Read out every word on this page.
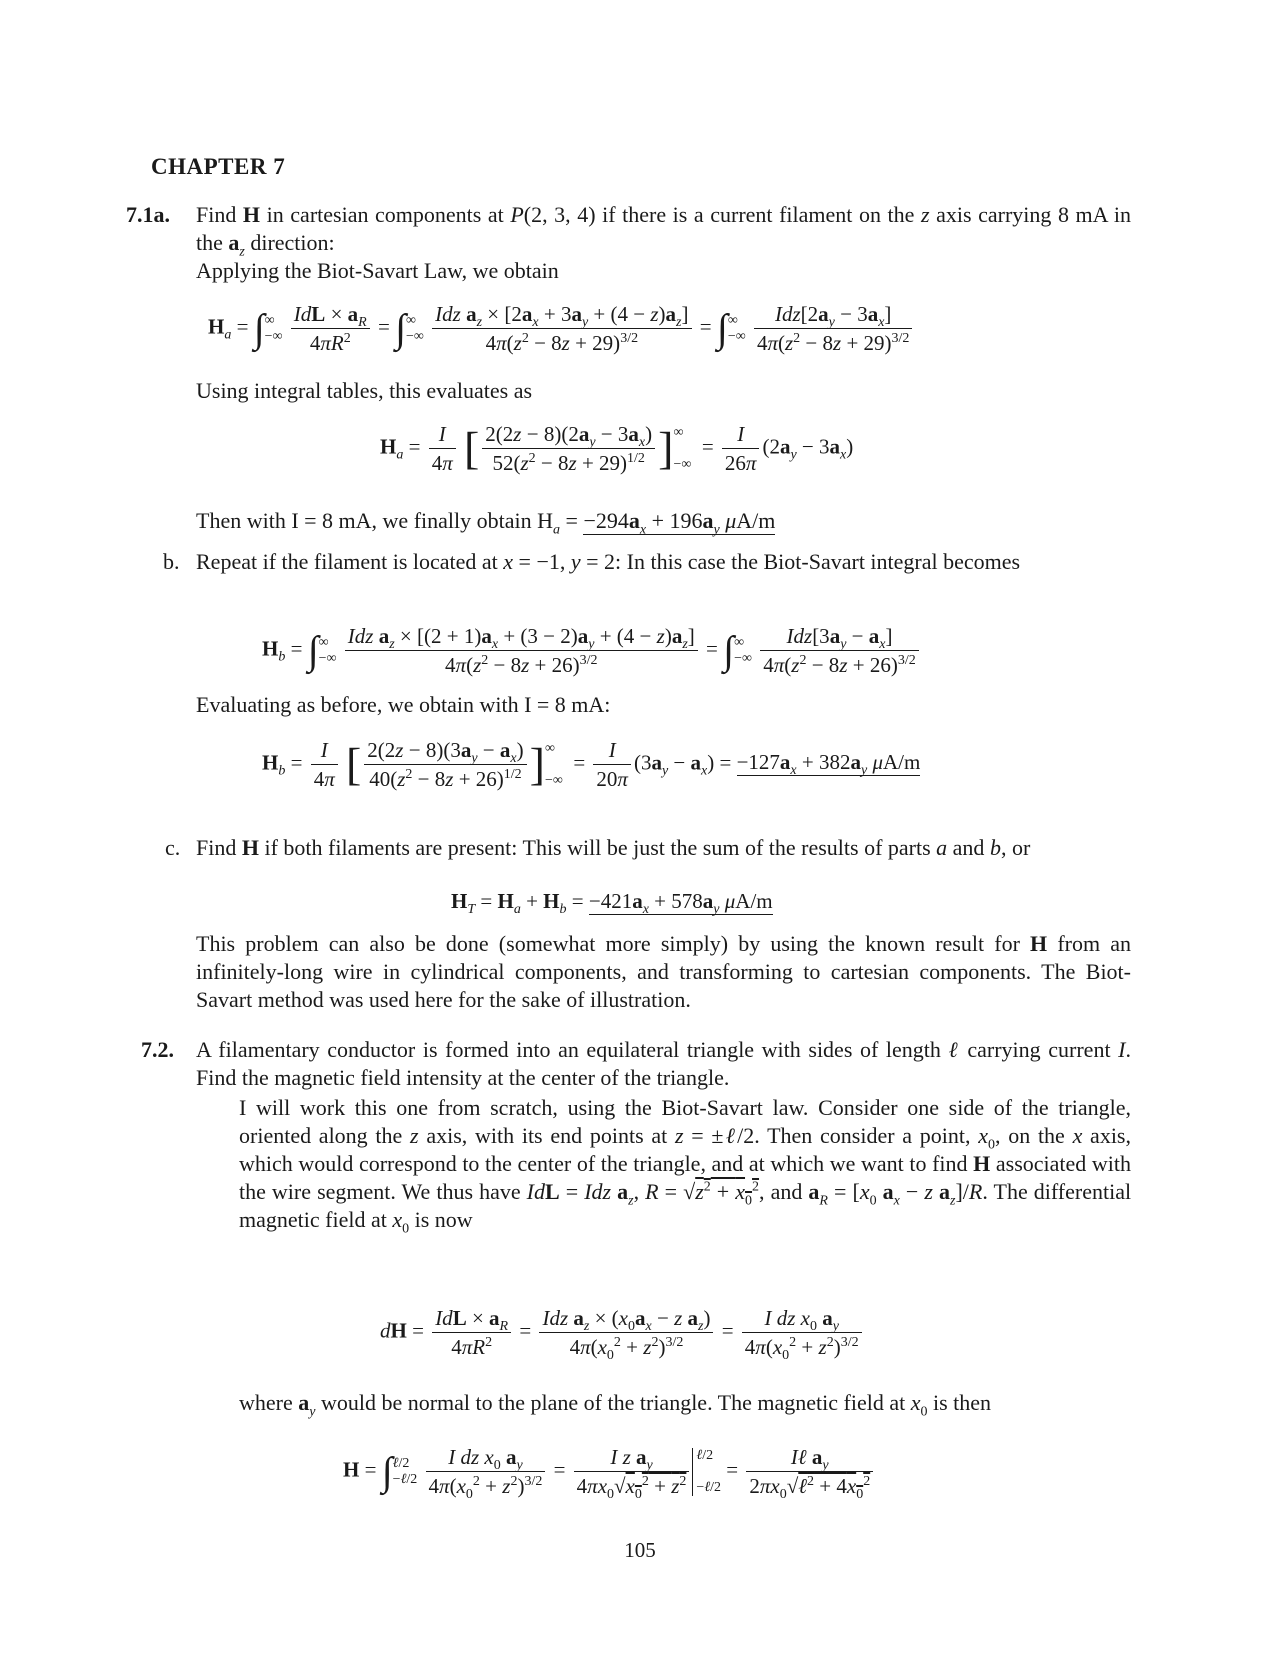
CHAPTER 7
7.1a. Find H in cartesian components at P(2, 3, 4) if there is a current filament on the z axis carrying 8 mA in the $a_z$ direction:
Applying the Biot-Savart Law, we obtain
$H_a$ = ∫ ∞
−∞
$\frac{IdL \times a_R}{4\pi R^2}$ = ∫ ∞
−∞
$\frac{Idz a_z \times [2a_x + 3a_y + (4 - z)a_z]}{4\pi(z^2 - 8z + 29)^{3/2}}$ = ∫ ∞
−∞
$\frac{Idz[2a_y - 3a_x]}{4\pi(z^2 - 8z + 29)^{3/2}}$
Using integral tables, this evaluates as
$H_a = \frac{I}{4\pi}$ [ $\frac{2(2z - 8)(2a_y - 3a_x)}{52(z^2 - 8z + 29)^{1/2}}$ ] ∞

−∞
= $\frac{I}{26\pi} (2a_y - 3a_x)$
Then with I = 8 mA, we finally obtain $H_a = -294a_x + 196a_y$ μA/m
b. Repeat if the filament is located at x = −1, y = 2: In this case the Biot-Savart integral becomes
$H_b$ = ∫ ∞
−∞
$\frac{Idz a_z \times [(2 + 1)a_x + (3 - 2)a_y + (4 - z)a_z]}{4\pi(z^2 - 8z + 26)^{3/2}}$ = ∫ ∞
−∞
$\frac{Idz[3a_y - a_x]}{4\pi(z^2 - 8z + 26)^{3/2}}$
Evaluating as before, we obtain with I = 8 mA:
$H_b = \frac{I}{4\pi}$ [ $\frac{2(2z - 8)(3a_y - a_x)}{40(z^2 - 8z + 26)^{1/2}}$ ] ∞

−∞
= $\frac{I}{20\pi} (3a_y - a_x) = -127a_x + 382a_y$ μA/m
c. Find H if both filaments are present: This will be just the sum of the results of parts a and b, or
$H_T = H_a + H_b = -421a_x + 578a_y$ μA/m
This problem can also be done (somewhat more simply) by using the known result for H from an infinitely-long wire in cylindrical components, and transforming to cartesian components. The Biot-Savart method was used here for the sake of illustration.
7.2. A filamentary conductor is formed into an equilateral triangle with sides of length ℓ carrying current I. Find the magnetic field intensity at the center of the triangle.
I will work this one from scratch, using the Biot-Savart law. Consider one side of the triangle, oriented along the z axis, with its end points at z = ±ℓ/2. Then consider a point, $x_0$, on the x axis, which would correspond to the center of the triangle, and at which we want to find H associated with the wire segment. We thus have IdL = Idz $a_z$, $R = √z^2 + x_0^2$, and $a_R = [x_0$ $a_x - z$ $a_z]/R$. The differential magnetic field at $x_0$ is now
dH = $\frac{IdL \times a_R}{4\pi R^2} = \frac{Idz a_z \times (x_0a_x - z a_z)}{4\pi(x_0^2 + z^2)^{3/2}} = \frac{I dz x_0 a_y}{4\pi(x_0^2 + z^2)^{3/2}}$
where $a_y$ would be normal to the plane of the triangle. The magnetic field at $x_0$ is then
H = ∫ ℓ/2
−ℓ/2
$\frac{I dz x_0 a_y}{4\pi(x_0^2 + z^2)^{3/2}} = \frac{I z a_y}{4\pi x_0√x_0^2 + z^2}$ ℓ/2

−ℓ/2
= $\frac{I\ell a_y}{2\pi x_0√\ell^2 + 4x_0^2}$
105
